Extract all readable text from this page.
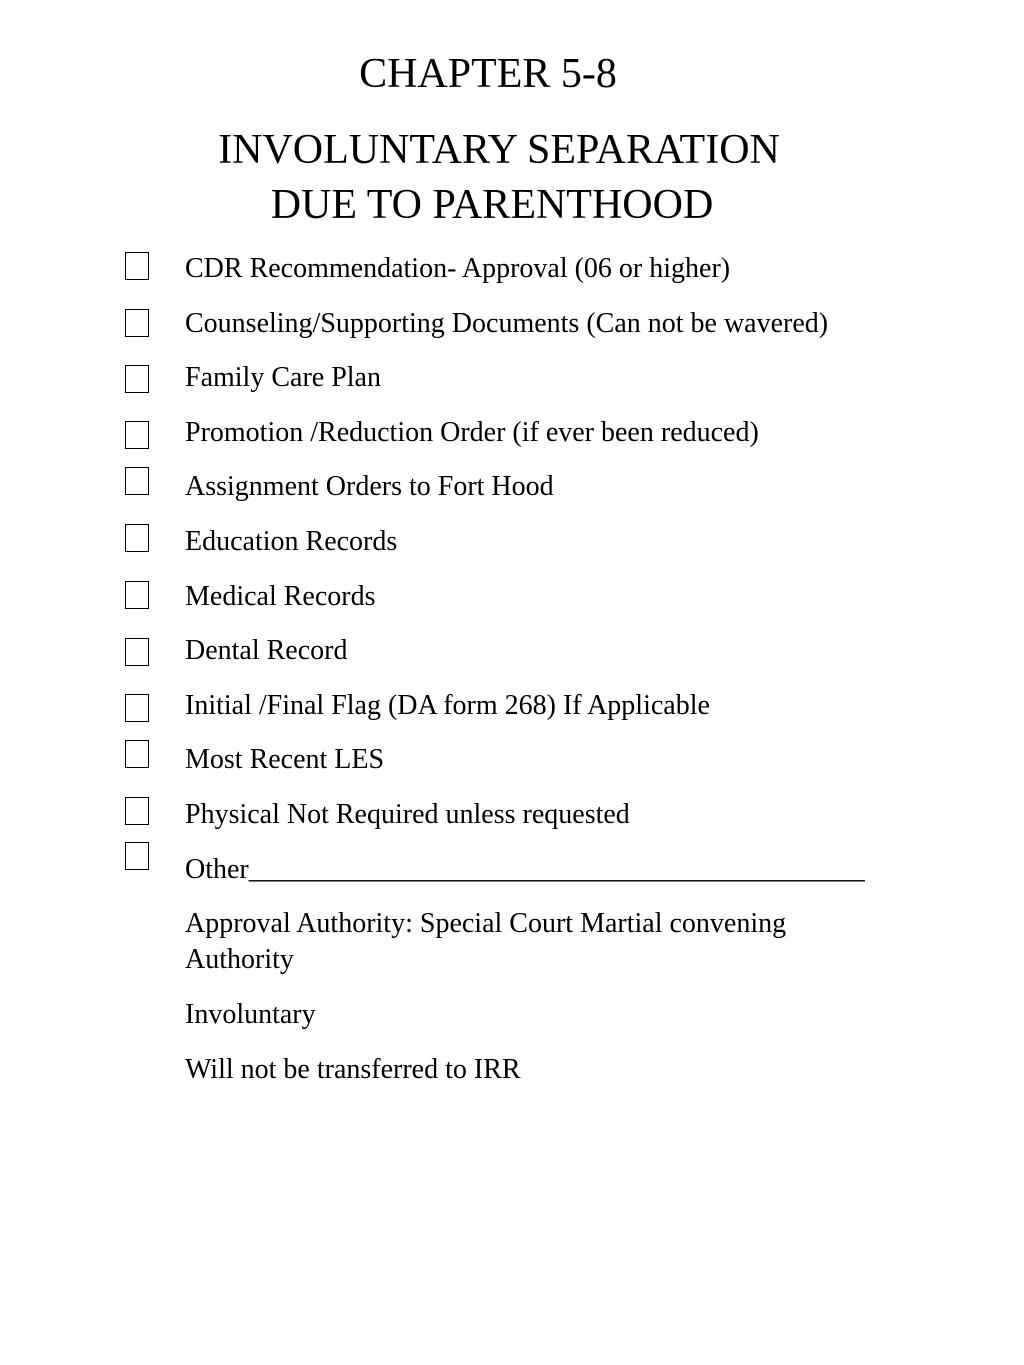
CHAPTER 5-8
INVOLUNTARY SEPARATION
DUE TO PARENTHOOD
CDR Recommendation- Approval (06 or higher)
Counseling/Supporting Documents (Can not be wavered)
Family Care Plan
Promotion /Reduction Order (if ever been reduced)
Assignment Orders to Fort Hood
Education Records
Medical Records
Dental Record
Initial /Final Flag (DA form 268) If Applicable
Most Recent LES
Physical Not Required unless requested
Other____________________________________________
Approval Authority: Special Court Martial convening Authority
Involuntary
Will not be transferred to IRR
